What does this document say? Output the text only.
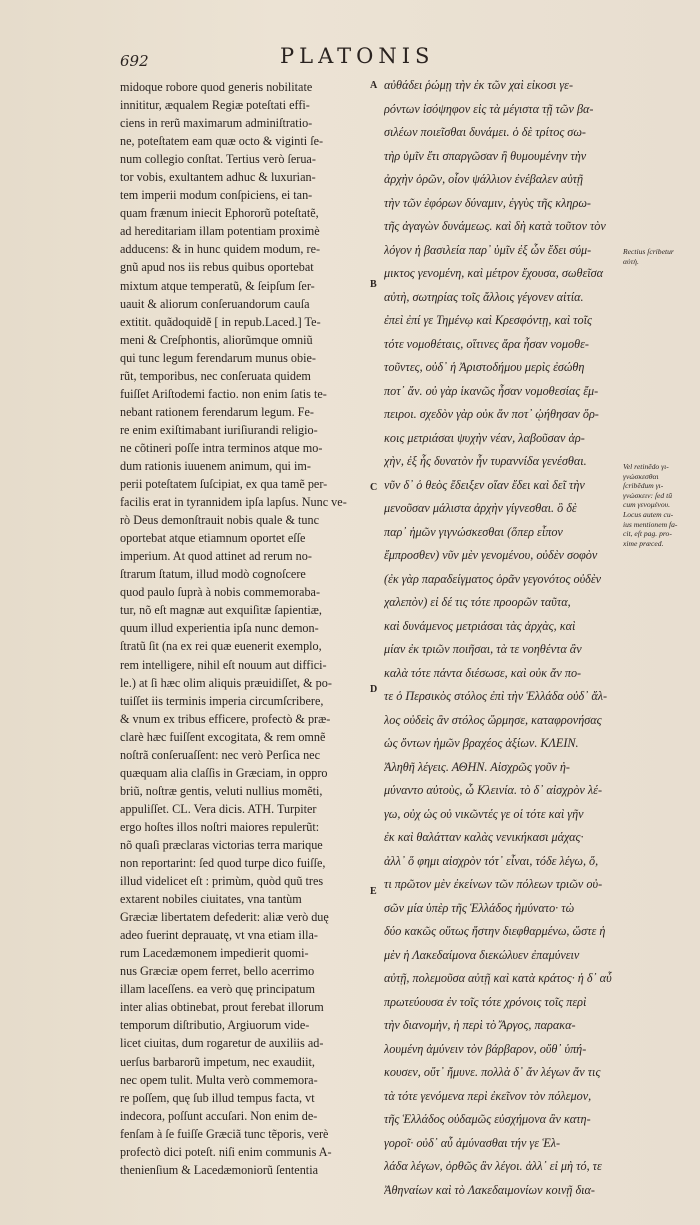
692	PLATONIS
midoque robore quod generis nobilitate
innititur, æqualem Regiæ poteſtati effi-
ciens in rerũ maximarum adminiſtratio-
ne, poteſtatem eam quæ octo & viginti ſe-
num collegio conſtat. Tertius verò ſerua-
tor vobis, exultantem adhuc & luxurian-
tem imperii modum conſpiciens, ei tan-
quam frænum iniecit Ephororũ poteſtatẽ,
ad hereditariam illam potentiam proximè
adducens: & in hunc quidem modum, re-
gnũ apud nos iis rebus quibus oportebat
mixtum atque temperatũ, & ſeipſum ſer-
uauit & aliorum conſeruandorum cauſa
extitit. quãdoquidẽ [ in repub.Laced.] Te-
meni & Creſphontis, aliorũmque omniũ
qui tunc legum ferendarum munus obie-
rũt, temporibus, nec conſeruata quidem
fuiſſet Ariſtodemi factio. non enim ſatis te-
nebant rationem ferendarum legum. Fe-
re enim exiſtimabant iuriſiurandi religio-
ne cõtineri poſſe intra terminos atque mo-
dum rationis iuuenem animum, qui im-
perii poteſtatem ſuſcipiat, ex qua tamẽ per-
facilis erat in tyrannidem ipſa lapſus. Nunc ve-
rò Deus demonſtrauit nobis quale & tunc
oportebat atque etiamnum oportet eſſe
imperium. At quod attinet ad rerum no-
ſtrarum ſtatum, illud modò cognoſcere
quod paulo ſuprà à nobis commemoraba-
tur, nõ eſt magnæ aut exquiſitæ ſapientiæ,
quum illud experientia ipſa nunc demon-
ſtratũ ſit (na ex rei quæ euenerit exemplo,
rem intelligere, nihil eſt nouum aut diffici-
le.) at ſi hæc olim aliquis præuidiſſet, & po-
tuiſſet iis terminis imperia circumſcribere,
& vnum ex tribus efficere, profectò & præ-
clarè hæc fuiſſent excogitata, & rem omnẽ
noſtrã conſeruaſſent: nec verò Perſica nec
quæquam alia claſſis in Græciam, in oppro
briũ, noſtræ gentis, veluti nullius momẽti,
appuliſſet. CL. Vera dicis. ATH. Turpiter
ergo hoſtes illos noſtri maiores repulerũt:
nõ quaſi præclaras victorias terra marique
non reportarint: ſed quod turpe dico fuiſſe,
illud videlicet eſt : primùm, quòd quũ tres
extarent nobiles ciuitates, vna tantùm
Græciæ libertatem defederit: aliæ verò duę
adeo fuerint deprauatę, vt vna etiam illa-
rum Lacedæmonem impedierit quomi-
nus Græciæ opem ferret, bello acerrimo
illam laceſſens. ea verò quę principatum
inter alias obtinebat, prout ferebat illorum
temporum diſtributio, Argiuorum vide-
licet ciuitas, dum rogaretur de auxiliis ad-
uerſus barbarorũ impetum, nec exaudiit,
nec opem tulit. Multa verò commemora-
re poſſem, quę ſub illud tempus facta, vt
indecora, poſſunt accuſari. Non enim de-
fenſam à ſe fuiſſe Græciã tunc tẽporis, verè
profectò dici poteſt. niſi enim communis A-
thenienſium & Lacedæmoniorũ ſententia
A
B
C
D
E
αὐθάδει ῥώμῃ τὴν ἐκ τῶν χαὶ εἰκοσι γε-
ρόντων ἰσόψηφον εἰς τὰ μέγιστα τῇ τῶν βα-
σιλέων ποιεῖσθαι δυνάμει. ὁ δὲ τρίτος σω-
τὴρ ὑμῖν ἔτι σπαργῶσαν ἢ θυμουμένην τὴν
ἀρχὴν ὁρῶν, οἷον ψάλλιον ἐνέβαλεν αὐτῇ
τὴν τῶν ἐφόρων δύναμιν, ἐγγὺς τῆς κληρω-
τῆς ἀγαγὼν δυνάμεως. καὶ δὴ κατὰ τοῦτον τὸν
λόγον ἡ βασιλεία παρ᾽ ὑμῖν ἐξ ὧν ἔδει σύμ-
μικτος γενομένη, καὶ μέτρον ἔχουσα, σωθεῖσα
αὐτὴ, σωτηρίας τοῖς ἄλλοις γέγονεν αἰτία.
ἐπεὶ ἐπί γε Τημένῳ καὶ Κρεσφόντῃ, καὶ τοῖς
τότε νομοθέταις, οἵτινες ἄρα ἦσαν νομοθε-
τοῦντες, οὐδ᾽ ἡ Ἀριστοδήμου μερὶς ἐσώθη
ποτ᾽ ἄν. οὐ γὰρ ἱκανῶς ἦσαν νομοθεσίας ἔμ-
πειροι. σχεδὸν γὰρ οὐκ ἄν ποτ᾽ ᾠήθησαν ὅρ-
κοις μετριάσαι ψυχὴν νέαν, λαβοῦσαν ἀρ-
χὴν, ἐξ ἧς δυνατὸν ἦν τυραννίδα γενέσθαι.
νῦν δ᾽ ὁ θεὸς ἔδειξεν οἵαν ἔδει καὶ δεῖ τὴν
μενοῦσαν μάλιστα ἀρχὴν γίγνεσθαι. ὃ δὲ
παρ᾽ ἡμῶν γιγνώσκεσθαι (ὅπερ εἶπον
ἔμπροσθεν) νῦν μὲν γενομένου, οὐδὲν σοφὸν
(ἐκ γὰρ παραδείγματος ὁρᾶν γεγονότος οὐδὲν
χαλεπὸν) εἰ δέ τις τότε προορῶν ταῦτα,
καὶ δυνάμενος μετριάσαι τὰς ἀρχὰς, καὶ
μίαν ἐκ τριῶν ποιῆσαι, τὰ τε νοηθέντα ἂν
καλὰ τότε πάντα διέσωσε, καὶ οὐκ ἄν πο-
τε ὁ Περσικὸς στόλος ἐπὶ τὴν Ἑλλάδα οὐδ᾽ ἄλ-
λος οὐδεὶς ἂν στόλος ὥρμησε, καταφρονήσας
ὡς ὄντων ἡμῶν βραχέος ἀξίων. ΚΛΕΙΝ.
Ἀληθῆ λέγεις. ΑΘΗΝ. Αἰσχρῶς γοῦν ἠ-
μύναντο αὐτοὺς, ὦ Κλεινία. τὸ δ᾽ αἰσχρὸν λέ-
γω, οὐχ ὡς οὐ νικῶντές γε οἱ τότε καὶ γῆν
ἐκ καὶ θαλάτταν καλὰς νενικήκασι μάχας·
ἀλλ᾽ ὅ φημι αἰσχρὸν τότ᾽ εἶναι, τόδε λέγω, ὅ,
τι πρῶτον μὲν ἐκείνων τῶν πόλεων τριῶν οὐ-
σῶν μία ὑπὲρ τῆς Ἑλλάδος ἠμύνατο· τὼ
δύο κακῶς οὕτως ἤστην διεφθαρμένω, ὥστε ἡ
μὲν ἡ Λακεδαίμονα διεκώλυεν ἐπαμύνειν
αὐτῇ, πολεμοῦσα αὐτῇ καὶ κατὰ κράτος· ἡ δ᾽ αὖ
πρωτεύουσα ἐν τοῖς τότε χρόνοις τοῖς περὶ
τὴν διανομὴν, ἡ περὶ τὸ Ἄργος, παρακα-
λουμένη ἀμύνειν τὸν βάρβαρον, οὔθ᾽ ὑπή-
κουσεν, οὔτ᾽ ἤμυνε. πολλὰ δ᾽ ἄν λέγων ἄν τις
τὰ τότε γενόμενα περὶ ἐκεῖνον τὸν πόλεμον,
τῆς Ἑλλάδος οὐδαμῶς εὐσχήμονα ἂν κατη-
γοροῖ· οὐδ᾽ αὖ ἀμύνασθαι τήν γε Ἑλ-
λάδα λέγων, ὀρθῶς ἂν λέγοι. ἀλλ᾽ εἰ μὴ τό, τε
Ἀθηναίων καὶ τὸ Λακεδαιμονίων κοινῇ δια-
Rectius ſcribetur
αὐτὴ.
Vel retinẽdo γι-
γνώσκεσθαι
ſcribẽdum γι-
γνώσκειν: ſed tũ
cum γενομένου.
Locus autem cu-
ius mentionem fa-
cit, eſt pag. pro-
xime præced.
